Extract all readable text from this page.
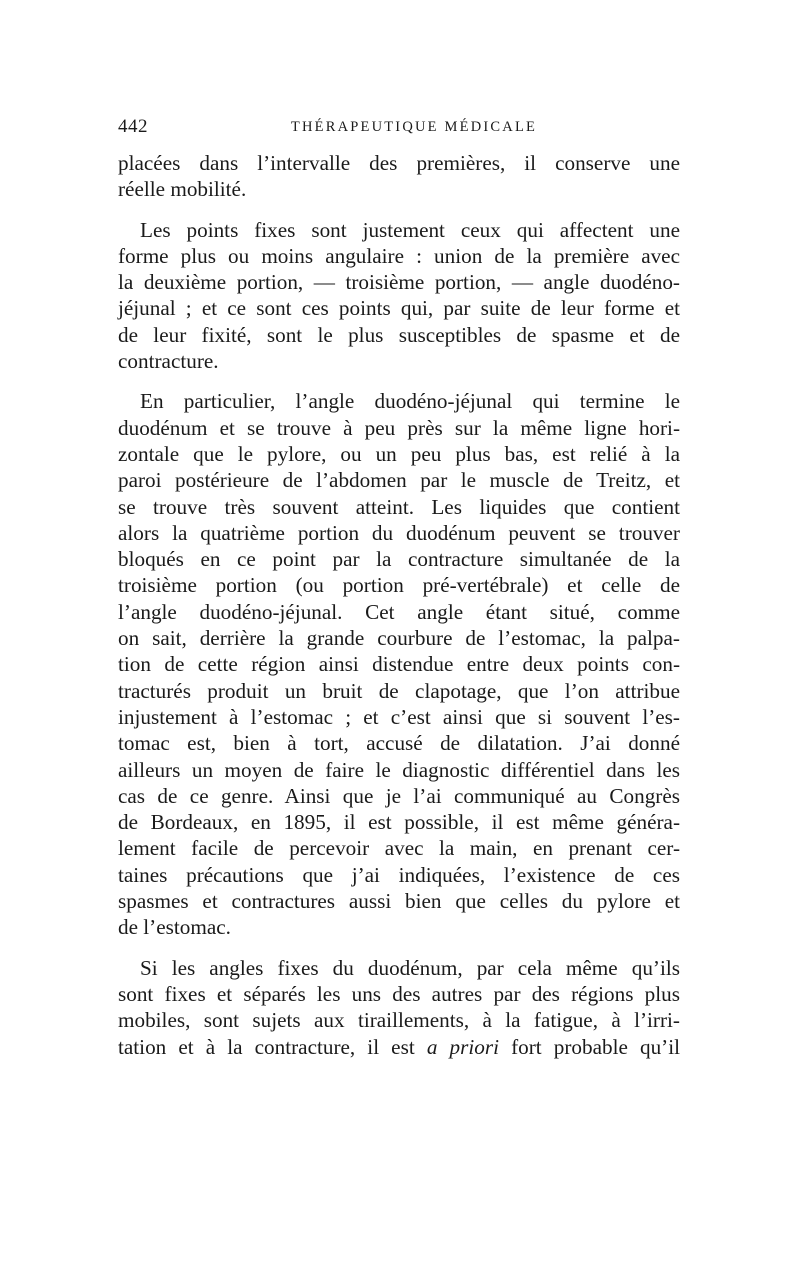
442	THÉRAPEUTIQUE MÉDICALE

placées dans l’intervalle des premières, il conserve une
réelle mobilité.

Les points fixes sont justement ceux qui affectent une
forme plus ou moins angulaire : union de la première avec
la deuxième portion, — troisième portion, — angle duodéno-
jéjunal ; et ce sont ces points qui, par suite de leur forme et
de leur fixité, sont le plus susceptibles de spasme et de
contracture.

En particulier, l’angle duodéno-jéjunal qui termine le
duodénum et se trouve à peu près sur la même ligne hori-
zontale que le pylore, ou un peu plus bas, est relié à la
paroi postérieure de l’abdomen par le muscle de Treitz, et
se trouve très souvent atteint. Les liquides que contient
alors la quatrième portion du duodénum peuvent se trouver
bloqués en ce point par la contracture simultanée de la
troisième portion (ou portion pré-vertébrale) et celle de
l’angle duodéno-jéjunal. Cet angle étant situé, comme
on sait, derrière la grande courbure de l’estomac, la palpa-
tion de cette région ainsi distendue entre deux points con-
tracturés produit un bruit de clapotage, que l’on attribue
injustement à l’estomac ; et c’est ainsi que si souvent l’es-
tomac est, bien à tort, accusé de dilatation. J’ai donné
ailleurs un moyen de faire le diagnostic différentiel dans les
cas de ce genre. Ainsi que je l’ai communiqué au Congrès
de Bordeaux, en 1895, il est possible, il est même généra-
lement facile de percevoir avec la main, en prenant cer-
taines précautions que j’ai indiquées, l’existence de ces
spasmes et contractures aussi bien que celles du pylore et
de l’estomac.

Si les angles fixes du duodénum, par cela même qu’ils
sont fixes et séparés les uns des autres par des régions plus
mobiles, sont sujets aux tiraillements, à la fatigue, à l’irri-
tation et à la contracture, il est a priori fort probable qu’il
